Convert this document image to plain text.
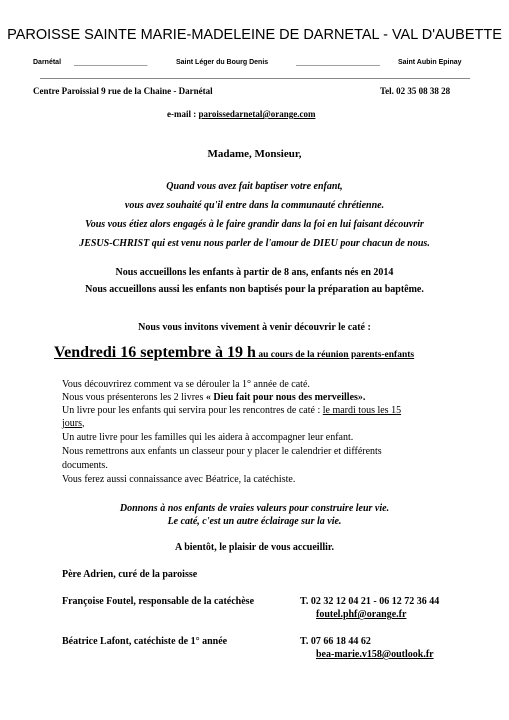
PAROISSE SAINTE MARIE-MADELEINE DE DARNETAL - VAL D'AUBETTE
Darnétal _____________________	Saint Léger du Bourg Denis	________________________	Saint Aubin Epinay
Centre Paroissial 9 rue de la Chaine - Darnétal	Tel. 02 35 08 38 28
e-mail : paroissedarnetal@orange.com
Madame, Monsieur,
Quand vous avez fait baptiser votre enfant,
vous avez souhaité qu'il entre dans la communauté chrétienne.
Vous vous étiez alors engagés à le faire grandir dans la foi en lui faisant découvrir
JESUS-CHRIST qui est venu nous parler de l'amour de DIEU pour chacun de nous.
Nous accueillons les enfants à partir de 8 ans, enfants nés en 2014
Nous accueillons aussi les enfants non baptisés pour la préparation au baptême.
Nous vous invitons vivement à venir découvrir le caté :
Vendredi 16 septembre à 19 h au cours de la réunion parents-enfants
Vous découvrirez comment va se dérouler la 1° année de caté.
Nous vous présenterons les 2 livres « Dieu fait pour nous des merveilles».
Un livre pour les enfants qui servira pour les rencontres de caté : le mardi tous les 15
jours,
Un autre livre pour les familles qui les aidera à accompagner leur enfant.
Nous remettrons aux enfants un classeur pour y placer le calendrier et différents
documents.
Vous ferez aussi connaissance avec Béatrice, la catéchiste.
Donnons à nos enfants de vraies valeurs pour construire leur vie.
Le caté, c'est un autre éclairage sur la vie.
A bientôt, le plaisir de vous accueillir.
Père Adrien, curé de la paroisse
Françoise Foutel, responsable de la catéchèse	T. 02 32 12 04 21 - 06 12 72 36 44
foutel.phf@orange.fr
Béatrice Lafont, catéchiste de 1° année	T. 07 66 18 44 62
bea-marie.v158@outlook.fr
